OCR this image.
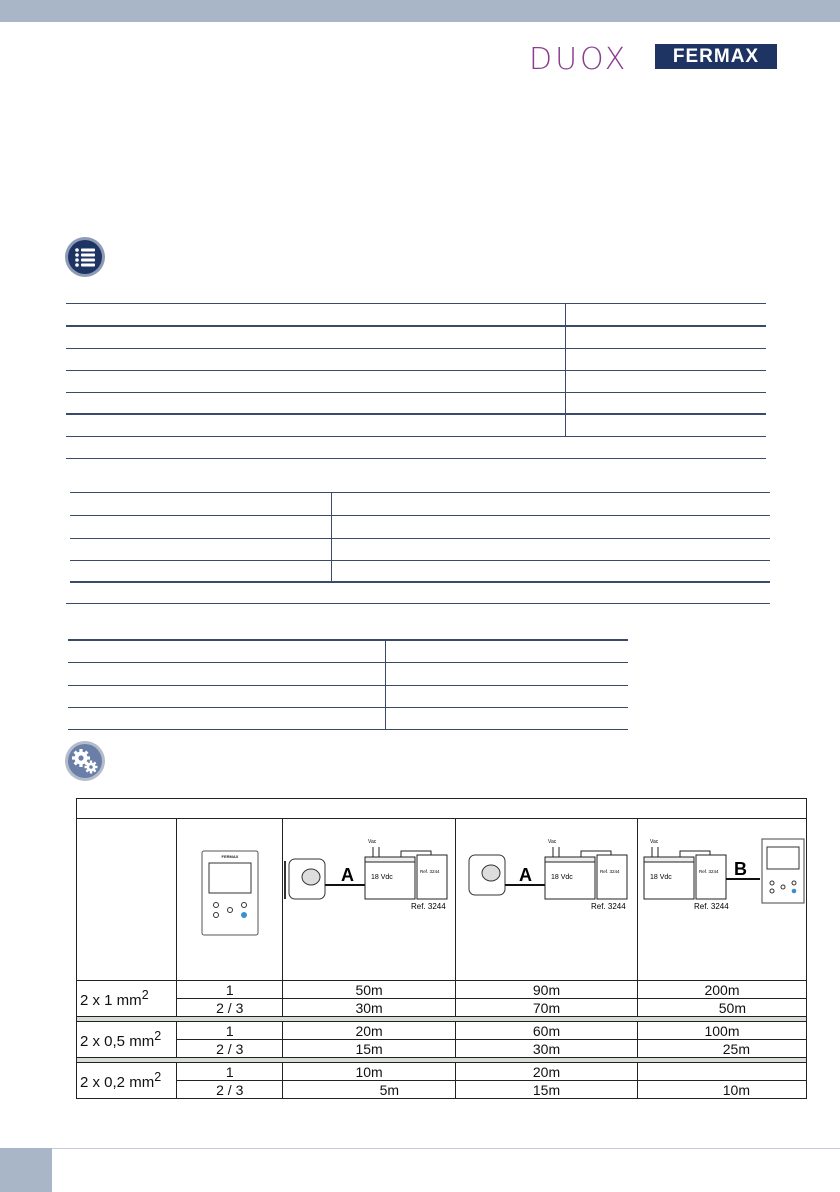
DUOX	FERMAX

FERMAX	A
Vac
18 Vdc
Ref. 3244
Ref. 3244	A
Vac
18 Vdc
Ref. 3244
Ref. 3244	Vac
18 Vdc
Ref. 3244 B
Ref. 3244

2 x 1 $mm^2$	1	50m	90m	200m
	2 / 3	30m	70m	50m

2 x 0,5 $mm^2$	1	20m	60m	100m
	2 / 3	15m	30m	25m

2 x 0,2 $mm^2$	1	10m	20m	
	2 / 3	5m	15m	10m
